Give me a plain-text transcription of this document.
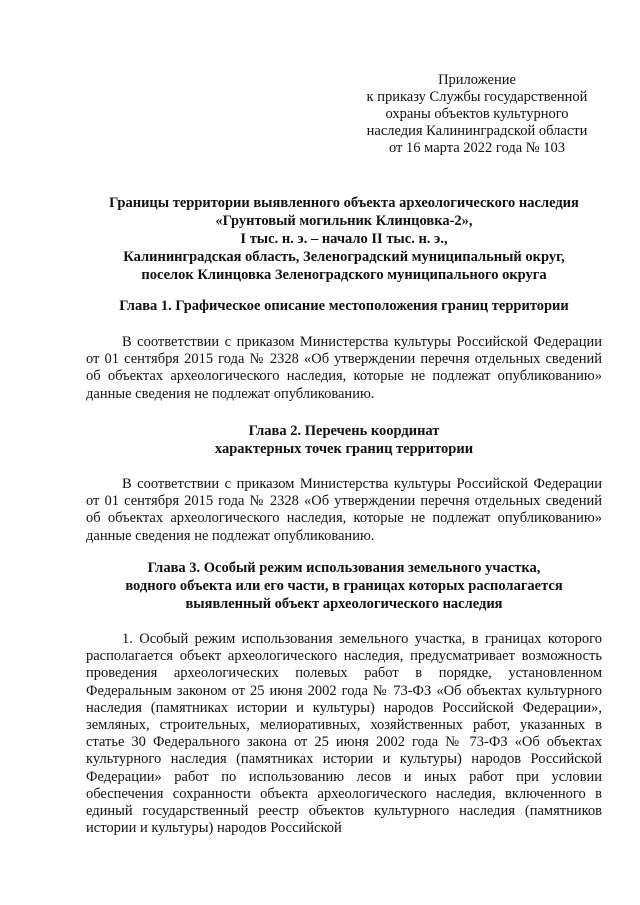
Приложение
к приказу Службы государственной
охраны объектов культурного
наследия Калининградской области
от 16 марта 2022 года № 103
Границы территории выявленного объекта археологического наследия
«Грунтовый могильник Клинцовка-2»,
I тыс. н. э. – начало II тыс. н. э.,
Калининградская область, Зеленоградский муниципальный округ,
поселок Клинцовка Зеленоградского муниципального округа
Глава 1. Графическое описание местоположения границ территории

В соответствии с приказом Министерства культуры Российской Федерации от 01 сентября 2015 года № 2328 «Об утверждении перечня отдельных сведений об объектах археологического наследия, которые не подлежат опубликованию» данные сведения не подлежат опубликованию.

Глава 2. Перечень координат
характерных точек границ территории

В соответствии с приказом Министерства культуры Российской Федерации от 01 сентября 2015 года № 2328 «Об утверждении перечня отдельных сведений об объектах археологического наследия, которые не подлежат опубликованию» данные сведения не подлежат опубликованию.

Глава 3. Особый режим использования земельного участка,
водного объекта или его части, в границах которых располагается
выявленный объект археологического наследия

1. Особый режим использования земельного участка, в границах которого располагается объект археологического наследия, предусматривает возможность проведения археологических полевых работ в порядке, установленном Федеральным законом от 25 июня 2002 года № 73-ФЗ «Об объектах культурного наследия (памятниках истории и культуры) народов Российской Федерации», земляных, строительных, мелиоративных, хозяйственных работ, указанных в статье 30 Федерального закона от 25 июня 2002 года № 73-ФЗ «Об объектах культурного наследия (памятниках истории и культуры) народов Российской Федерации» работ по использованию лесов и иных работ при условии обеспечения сохранности объекта археологического наследия, включенного в единый государственный реестр объектов культурного наследия (памятников истории и культуры) народов Российской
